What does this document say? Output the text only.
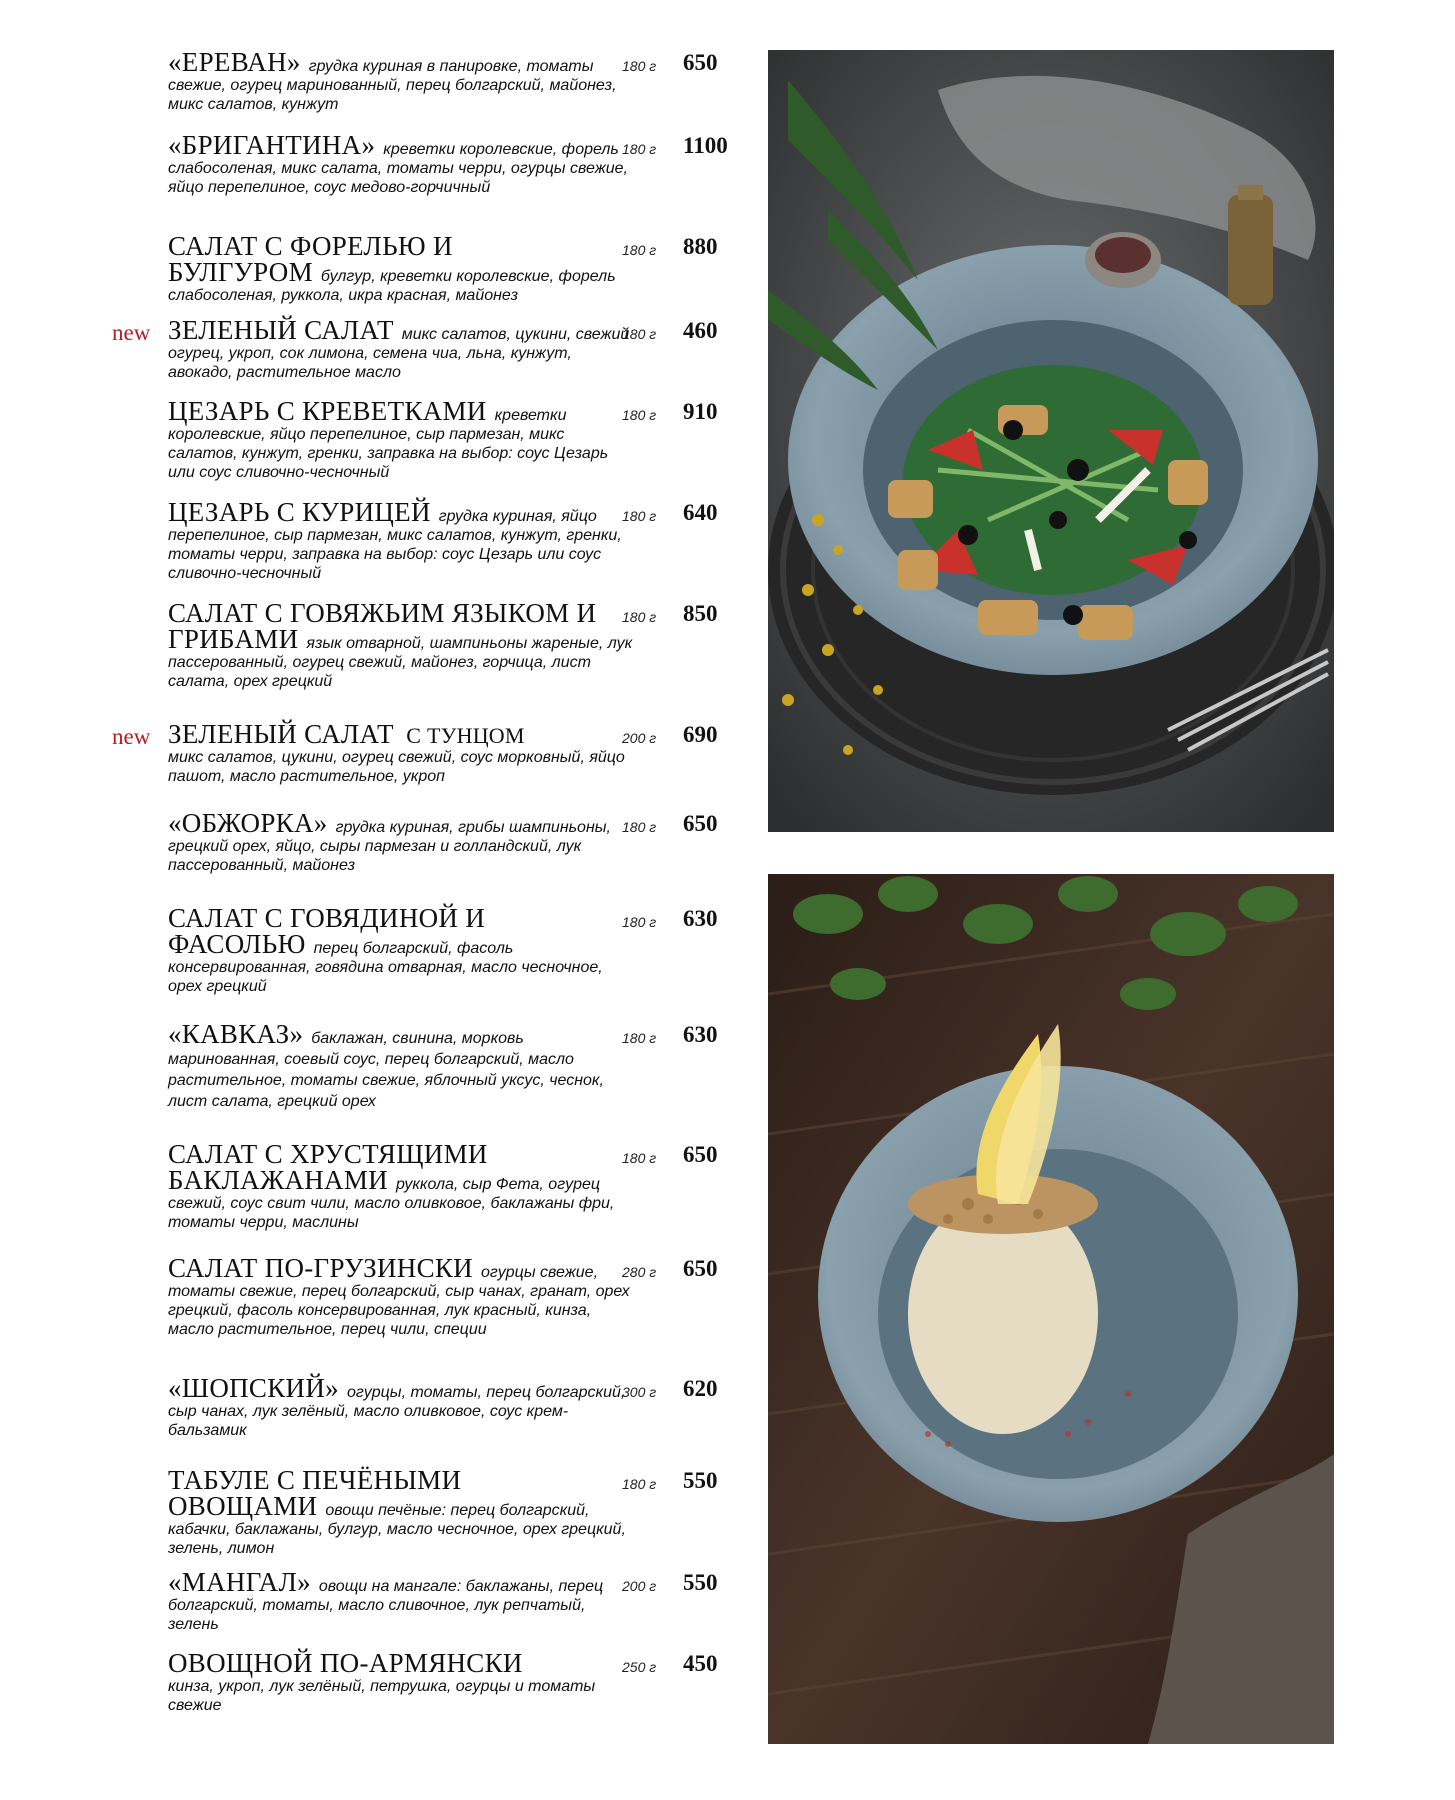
«ЕРЕВАН» грудка куриная в панировке, томаты свежие, огурец маринованный, перец болгарский, майонез, микс салатов, кунжут
180 г 650
«БРИГАНТИНА» креветки королевские, форель слабосоленая, микс салата, томаты черри, огурцы свежие, яйцо перепелиное, соус медово-горчичный
180 г 1100
САЛАТ С ФОРЕЛЬЮ И БУЛГУРОМ булгур, креветки королевские, форель слабосоленая, руккола, икра красная, майонез
180 г 880
new ЗЕЛЕНЫЙ САЛАТ микс салатов, цукини, свежий огурец, укроп, сок лимона, семена чиа, льна, кунжут, авокадо, растительное масло
180 г 460
ЦЕЗАРЬ С КРЕВЕТКАМИ креветки королевские, яйцо перепелиное, сыр пармезан, микс салатов, кунжут, гренки, заправка на выбор: соус Цезарь или соус сливочно-чесночный
180 г 910
ЦЕЗАРЬ С КУРИЦЕЙ грудка куриная, яйцо перепелиное, сыр пармезан, микс салатов, кунжут, гренки, томаты черри, заправка на выбор: соус Цезарь или соус сливочно-чесночный
180 г 640
САЛАТ С ГОВЯЖЬИМ ЯЗЫКОМ И ГРИБАМИ язык отварной, шампиньоны жареные, лук пассерованный, огурец свежий, майонез, горчица, лист салата, орех грецкий
180 г 850
new ЗЕЛЕНЫЙ САЛАТ С ТУНЦОМ
микс салатов, цукини, огурец свежий, соус морковный, яйцо пашот, масло растительное, укроп
200 г 690
«ОБЖОРКА» грудка куриная, грибы шампиньоны, грецкий орех, яйцо, сыры пармезан и голландский, лук пассерованный, майонез
180 г 650
САЛАТ С ГОВЯДИНОЙ И ФАСОЛЬЮ перец болгарский, фасоль консервированная, говядина отварная, масло чесночное, орех грецкий
180 г 630
«КАВКАЗ» баклажан, свинина, морковь маринованная, соевый соус, перец болгарский, масло растительное, томаты свежие, яблочный уксус, чеснок, лист салата, грецкий орех
180 г 630
САЛАТ С ХРУСТЯЩИМИ БАКЛАЖАНАМИ руккола, сыр Фета, огурец свежий, соус свит чили, масло оливковое, баклажаны фри, томаты черри, маслины
180 г 650
САЛАТ ПО-ГРУЗИНСКИ огурцы свежие, томаты свежие, перец болгарский, сыр чанах, гранат, орех грецкий, фасоль консервированная, лук красный, кинза, масло растительное, перец чили, специи
280 г 650
«ШОПСКИЙ» огурцы, томаты, перец болгарский, сыр чанах, лук зелёный, масло оливковое, соус крем-бальзамик
300 г 620
ТАБУЛЕ С ПЕЧЁНЫМИ ОВОЩАМИ овощи печёные: перец болгарский, кабачки, баклажаны, булгур, масло чесночное, орех грецкий, зелень, лимон
180 г 550
«МАНГАЛ» овощи на мангале: баклажаны, перец болгарский, томаты, масло сливочное, лук репчатый, зелень
200 г 550
ОВОЩНОЙ ПО-АРМЯНСКИ
кинза, укроп, лук зелёный, петрушка, огурцы и томаты свежие
250 г 450
